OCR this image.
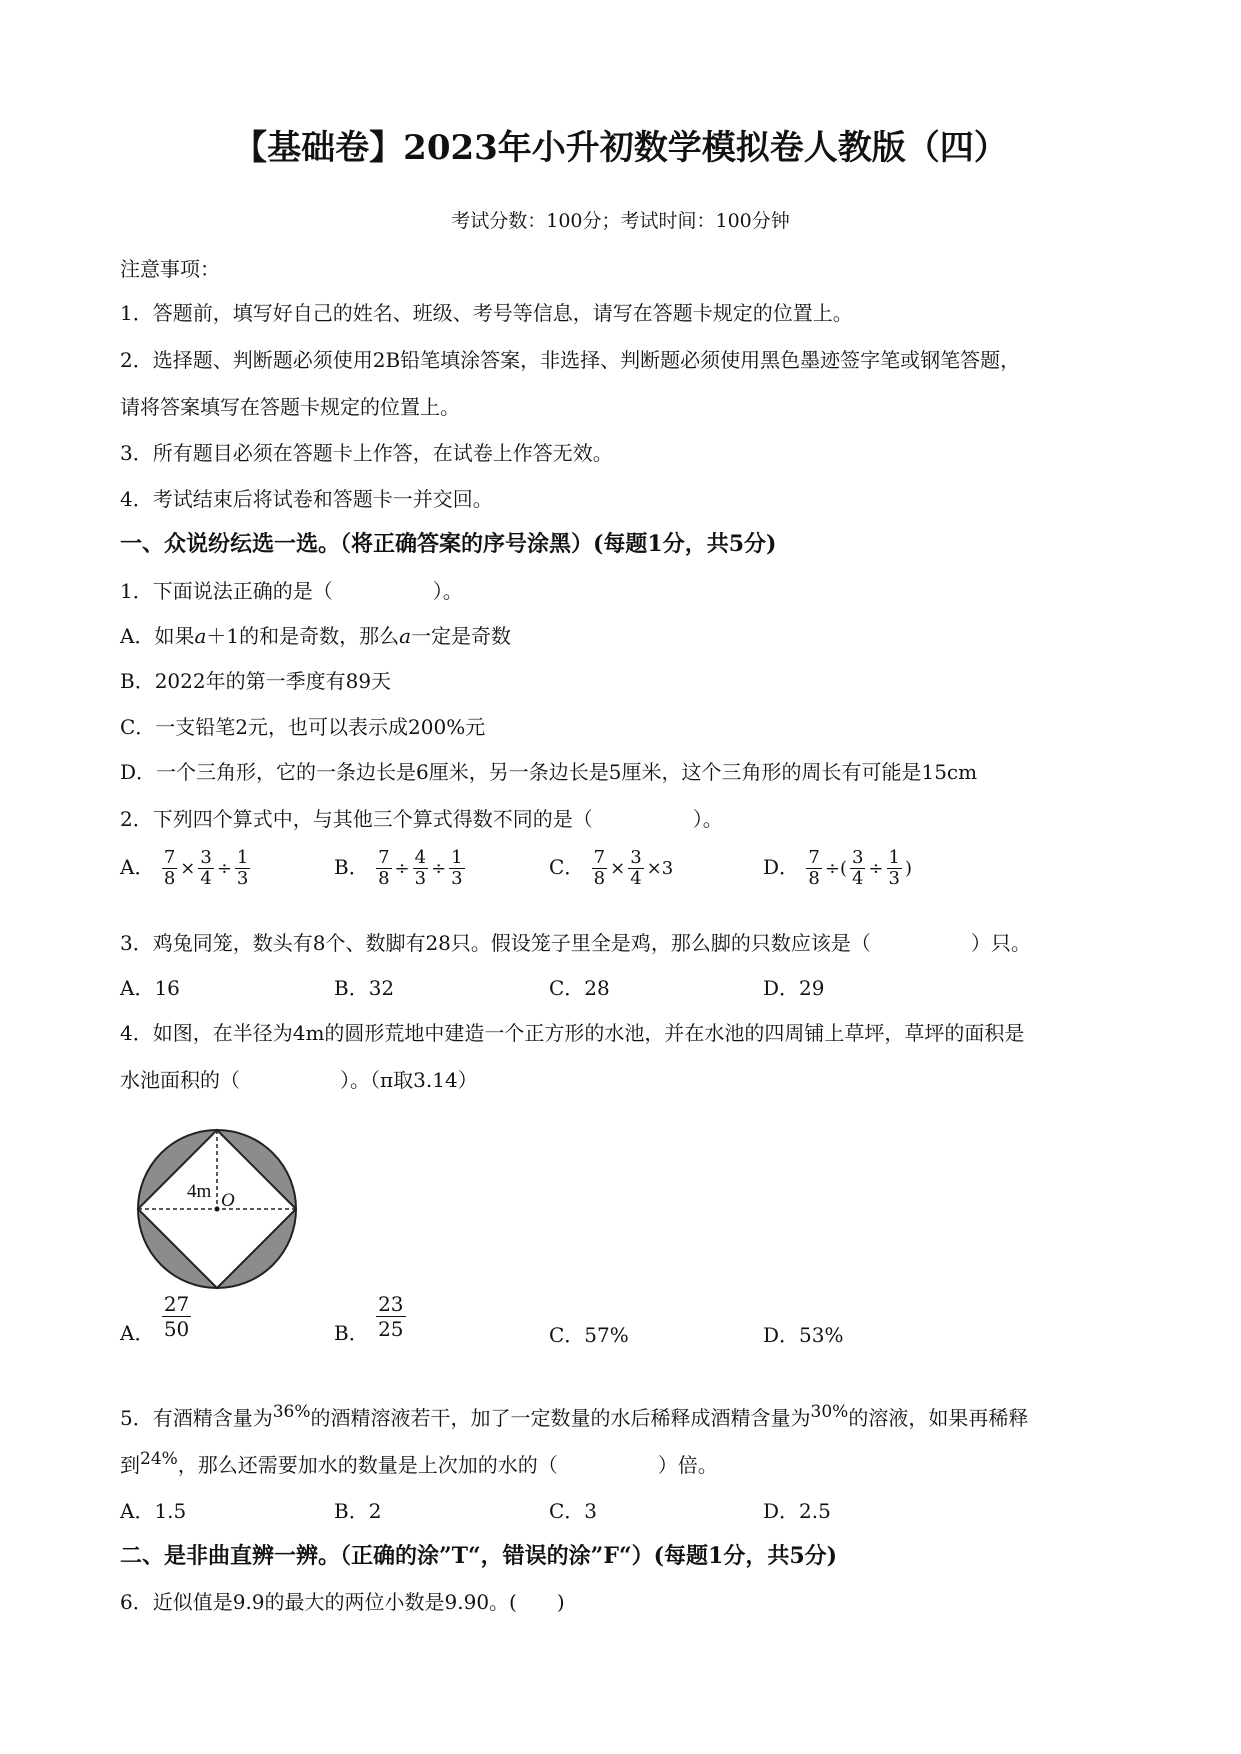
【基础卷】2023年小升初数学模拟卷人教版（四）
考试分数：100分；考试时间：100分钟
注意事项：
1．答题前，填写好自己的姓名、班级、考号等信息，请写在答题卡规定的位置上。
2．选择题、判断题必须使用2B铅笔填涂答案，非选择、判断题必须使用黑色墨迹签字笔或钢笔答题，
请将答案填写在答题卡规定的位置上。
3．所有题目必须在答题卡上作答，在试卷上作答无效。
4．考试结束后将试卷和答题卡一并交回。
一、众说纷纭选一选。（将正确答案的序号涂黑）(每题1分，共5分)
1．下面说法正确的是（　　　　　）。
A．如果a＋1的和是奇数，那么a一定是奇数
B．2022年的第一季度有89天
C．一支铅笔2元，也可以表示成200%元
D．一个三角形，它的一条边长是6厘米，另一条边长是5厘米，这个三角形的周长有可能是15cm
2．下列四个算式中，与其他三个算式得数不同的是（　　　　　）。
A． $\frac{7}{8} \times \frac{3}{4} \div \frac{1}{3}$	B． $\frac{7}{8} \div \frac{4}{3} \div \frac{1}{3}$	C． $\frac{7}{8} \times \frac{3}{4} \times 3$	D． $\frac{7}{8}$ ÷( $\frac{3}{4} \div \frac{1}{3}$ )
3．鸡兔同笼，数头有8个、数脚有28只。假设笼子里全是鸡，那么脚的只数应该是（　　　　　）只。
A．16	B．32	C．28	D．29
4．如图，在半径为4m的圆形荒地中建造一个正方形的水池，并在水池的四周铺上草坪，草坪的面积是
水池面积的（　　　　　）。（π取3.14）
4m O
A． $\frac{27}{50}$	B． $\frac{23}{25}$	C．57%	D．53%
5．有酒精含量为$^{36\%}$的酒精溶液若干，加了一定数量的水后稀释成酒精含量为$^{30\%}$的溶液，如果再稀释
到$^{24\%}$，那么还需要加水的数量是上次加的水的（　　　　　）倍。
A．1.5	B．2	C．3	D．2.5
二、是非曲直辨一辨。（正确的涂”T“，错误的涂”F“）(每题1分，共5分)
6．近似值是9.9的最大的两位小数是9.90。(　　)
